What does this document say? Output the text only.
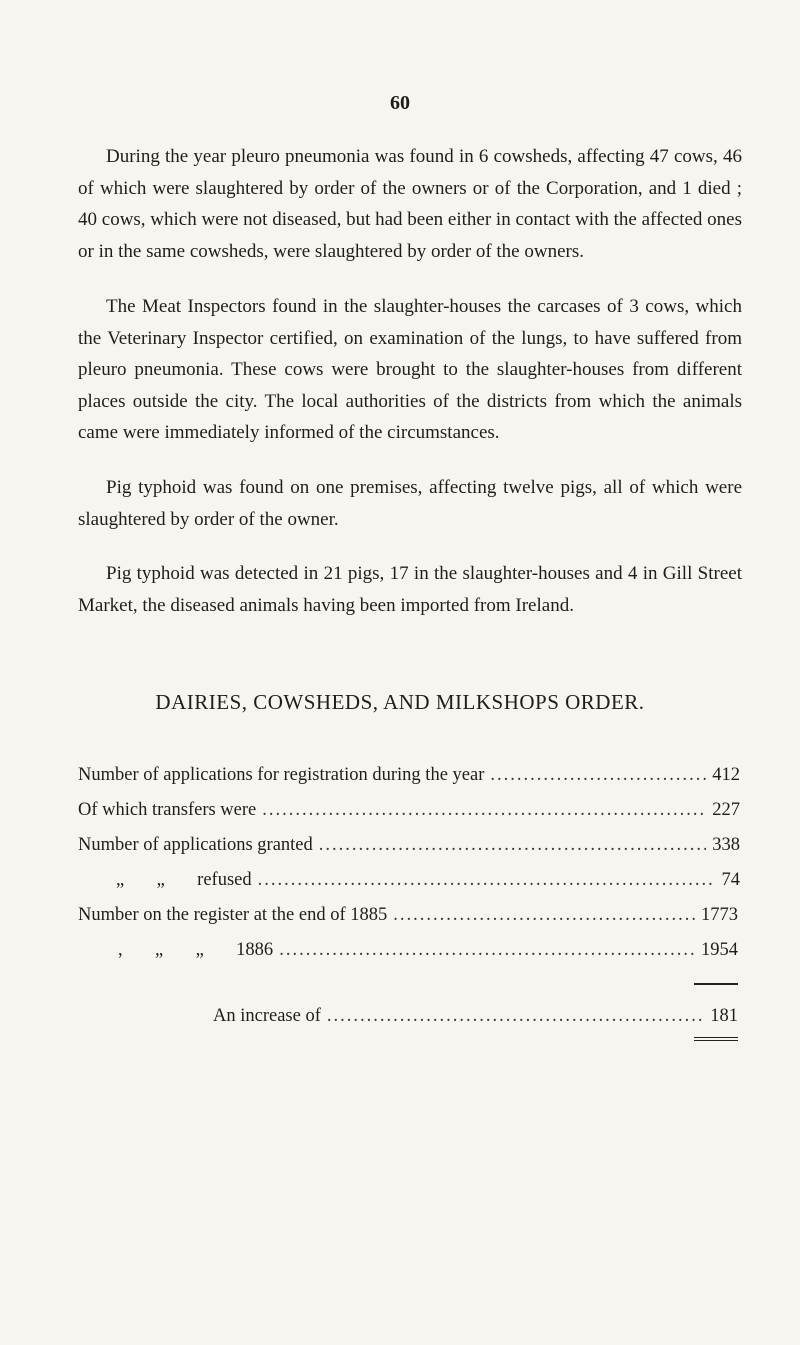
60

During the year pleuro pneumonia was found in 6 cowsheds, affecting 47 cows, 46 of which were slaughtered by order of the owners or of the Corporation, and 1 died ; 40 cows, which were not diseased, but had been either in contact with the affected ones or in the same cowsheds, were slaughtered by order of the owners.

The Meat Inspectors found in the slaughter-houses the carcases of 3 cows, which the Veterinary Inspector certified, on examination of the lungs, to have suffered from pleuro pneumonia. These cows were brought to the slaughter-houses from different places outside the city. The local authorities of the districts from which the animals came were immediately informed of the circumstances.

Pig typhoid was found on one premises, affecting twelve pigs, all of which were slaughtered by order of the owner.

Pig typhoid was detected in 21 pigs, 17 in the slaughter-houses and 4 in Gill Street Market, the diseased animals having been imported from Ireland.

DAIRIES, COWSHEDS, AND MILKSHOPS ORDER.
Number of applications for registration during the year .....	412
Of which transfers were .....	227
Number of applications granted .....	338
„       „       refused .....	74
Number on the register at the end of 1885 .....	1773
,       „       „       1886 .....	1954
An increase of .....	181
